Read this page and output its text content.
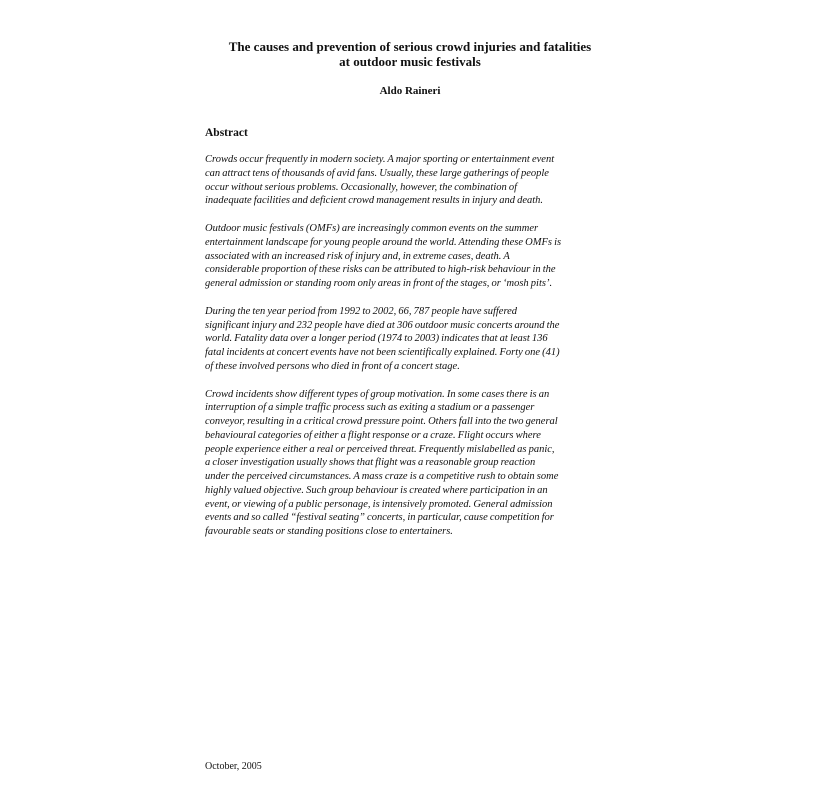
The causes and prevention of serious crowd injuries and fatalities
at outdoor music festivals
Aldo Raineri
Abstract
Crowds occur frequently in modern society. A major sporting or entertainment event
can attract tens of thousands of avid fans. Usually, these large gatherings of people
occur without serious problems. Occasionally, however, the combination of
inadequate facilities and deficient crowd management results in injury and death.
Outdoor music festivals (OMFs) are increasingly common events on the summer
entertainment landscape for young people around the world. Attending these OMFs is
associated with an increased risk of injury and, in extreme cases, death. A
considerable proportion of these risks can be attributed to high-risk behaviour in the
general admission or standing room only areas in front of the stages, or ‘mosh pits’.
During the ten year period from 1992 to 2002, 66, 787 people have suffered
significant injury and 232 people have died at 306 outdoor music concerts around the
world. Fatality data over a longer period (1974 to 2003) indicates that at least 136
fatal incidents at concert events have not been scientifically explained. Forty one (41)
of these involved persons who died in front of a concert stage.
Crowd incidents show different types of group motivation. In some cases there is an
interruption of a simple traffic process such as exiting a stadium or a passenger
conveyor, resulting in a critical crowd pressure point. Others fall into the two general
behavioural categories of either a flight response or a craze. Flight occurs where
people experience either a real or perceived threat. Frequently mislabelled as panic,
a closer investigation usually shows that flight was a reasonable group reaction
under the perceived circumstances. A mass craze is a competitive rush to obtain some
highly valued objective. Such group behaviour is created where participation in an
event, or viewing of a public personage, is intensively promoted. General admission
events and so called “festival seating” concerts, in particular, cause competition for
favourable seats or standing positions close to entertainers.
October, 2005
